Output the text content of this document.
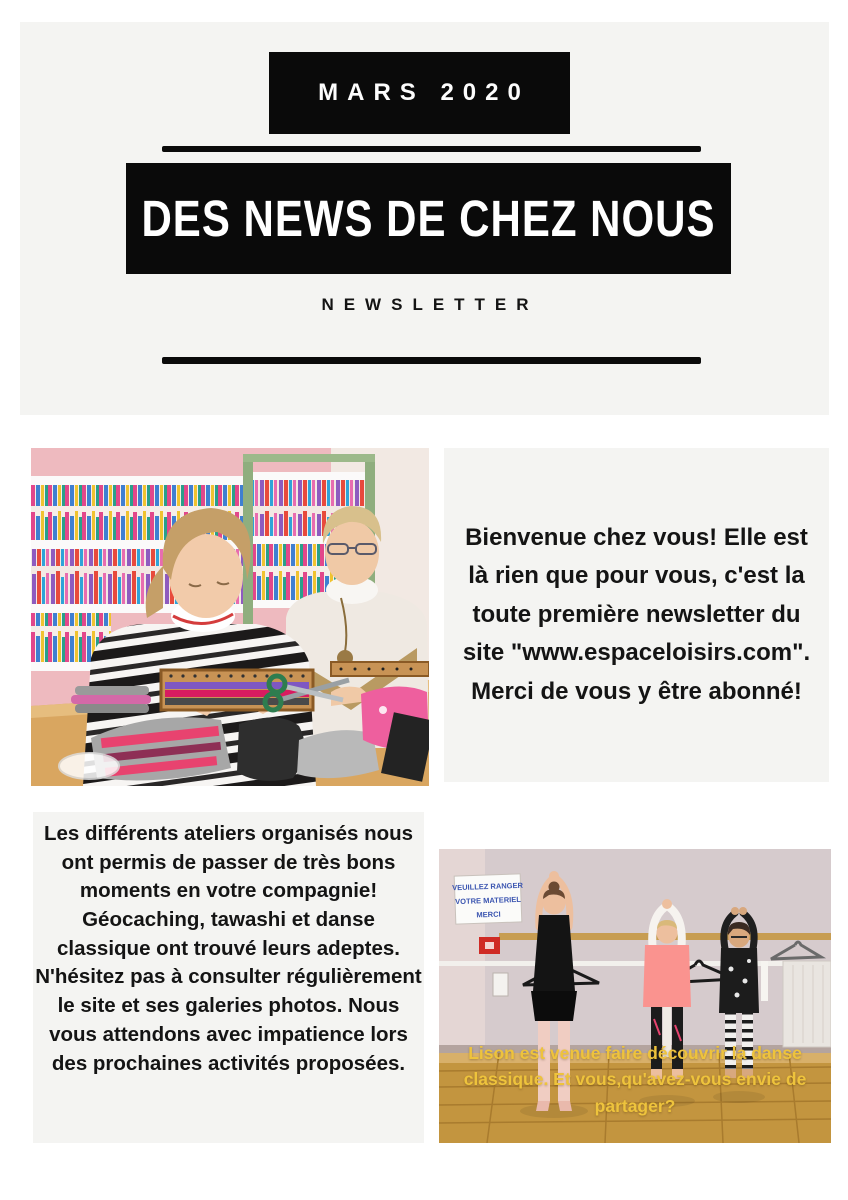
MARS 2020
DES NEWS DE CHEZ NOUS
NEWSLETTER

Bienvenue chez vous! Elle est là rien que pour vous, c'est la toute première newsletter du site "www.espaceloisirs.com". Merci de vous y être abonné!

Les différents ateliers organisés nous ont permis de passer de très bons moments en votre compagnie! Géocaching, tawashi et danse classique ont trouvé leurs adeptes. N'hésitez pas à consulter régulièrement le site et ses galeries photos. Nous vous attendons avec impatience lors des prochaines activités proposées.

VEUILLEZ RANGER
VOTRE MATERIEL
MERCI
Lison est venue faire découvrir la danse classique. Et vous,qu'avez-vous envie de partager?
